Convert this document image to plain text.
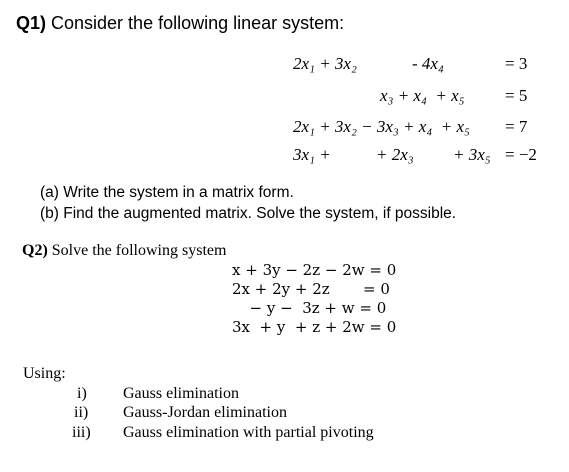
Q1) Consider the following linear system:
2x₁ + 3x₂	- 4x₄	= 3
x₃ + x₄  + x₅ = 5
2x₁ + 3x₂ − 3x₃ + x₄  + x₅ = 7
3x₁ +	+ 2x₃ + 3x₅ = −2
(a) Write the system in a matrix form.
(b) Find the augmented matrix. Solve the system, if possible.
Q2) Solve the following system
x + 3y − 2z − 2w = 0
2x + 2y + 2z       = 0
− y −  3z + w = 0
3x  + y  + z + 2w = 0
Using:
i) Gauss elimination
ii) Gauss-Jordan elimination
iii) Gauss elimination with partial pivoting
